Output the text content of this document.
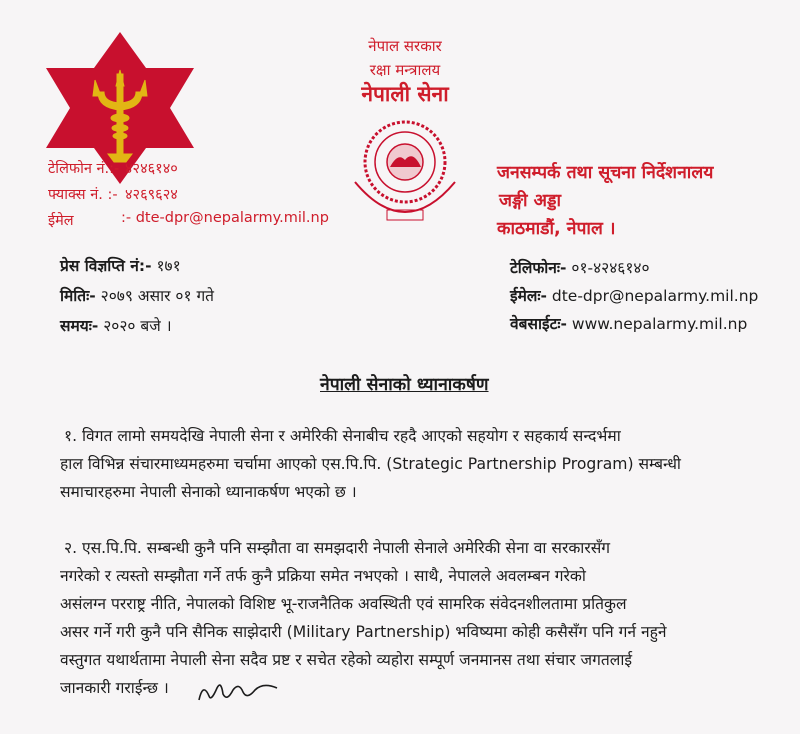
नेपाल सरकार
रक्षा मन्त्रालय
नेपाली सेना
टेलिफोन नं.:- ४२४६१४०
फ्याक्स नं. :- ४२६९६२४
ईमेल	:- dte-dpr@nepalarmy.mil.np
जनसम्पर्क तथा सूचना निर्देशनालय
जङ्गी अड्डा
काठमाडौं, नेपाल ।
प्रेस विज्ञप्ति नं:- १७१
मितिः- २०७९ असार ०१ गते
समयः- २०२० बजे ।
टेलिफोनः- ०१-४२४६१४०
ईमेलः- dte-dpr@nepalarmy.mil.np
वेबसाईटः- www.nepalarmy.mil.np
नेपाली सेनाको ध्यानाकर्षण
१. विगत लामो समयदेखि नेपाली सेना र अमेरिकी सेनाबीच रहदै आएको सहयोग र सहकार्य सन्दर्भमा
हाल विभिन्न संचारमाध्यमहरुमा चर्चामा आएको एस.पि.पि. (Strategic Partnership Program) सम्बन्धी
समाचारहरुमा नेपाली सेनाको ध्यानाकर्षण भएको छ ।
२. एस.पि.पि. सम्बन्धी कुनै पनि सम्झौता वा समझदारी नेपाली सेनाले अमेरिकी सेना वा सरकारसँग
नगरेको र त्यस्तो सम्झौता गर्ने तर्फ कुनै प्रक्रिया समेत नभएको । साथै, नेपालले अवलम्बन गरेको
असंलग्न परराष्ट्र नीति, नेपालको विशिष्ट भू-राजनैतिक अवस्थिती एवं सामरिक संवेदनशीलतामा प्रतिकुल
असर गर्ने गरी कुनै पनि सैनिक साझेदारी (Military Partnership) भविष्यमा कोही कसैसँग पनि गर्न नहुने
वस्तुगत यथार्थतामा नेपाली सेना सदैव प्रष्ट र सचेत रहेको व्यहोरा सम्पूर्ण जनमानस तथा संचार जगतलाई
जानकारी गराईन्छ ।
